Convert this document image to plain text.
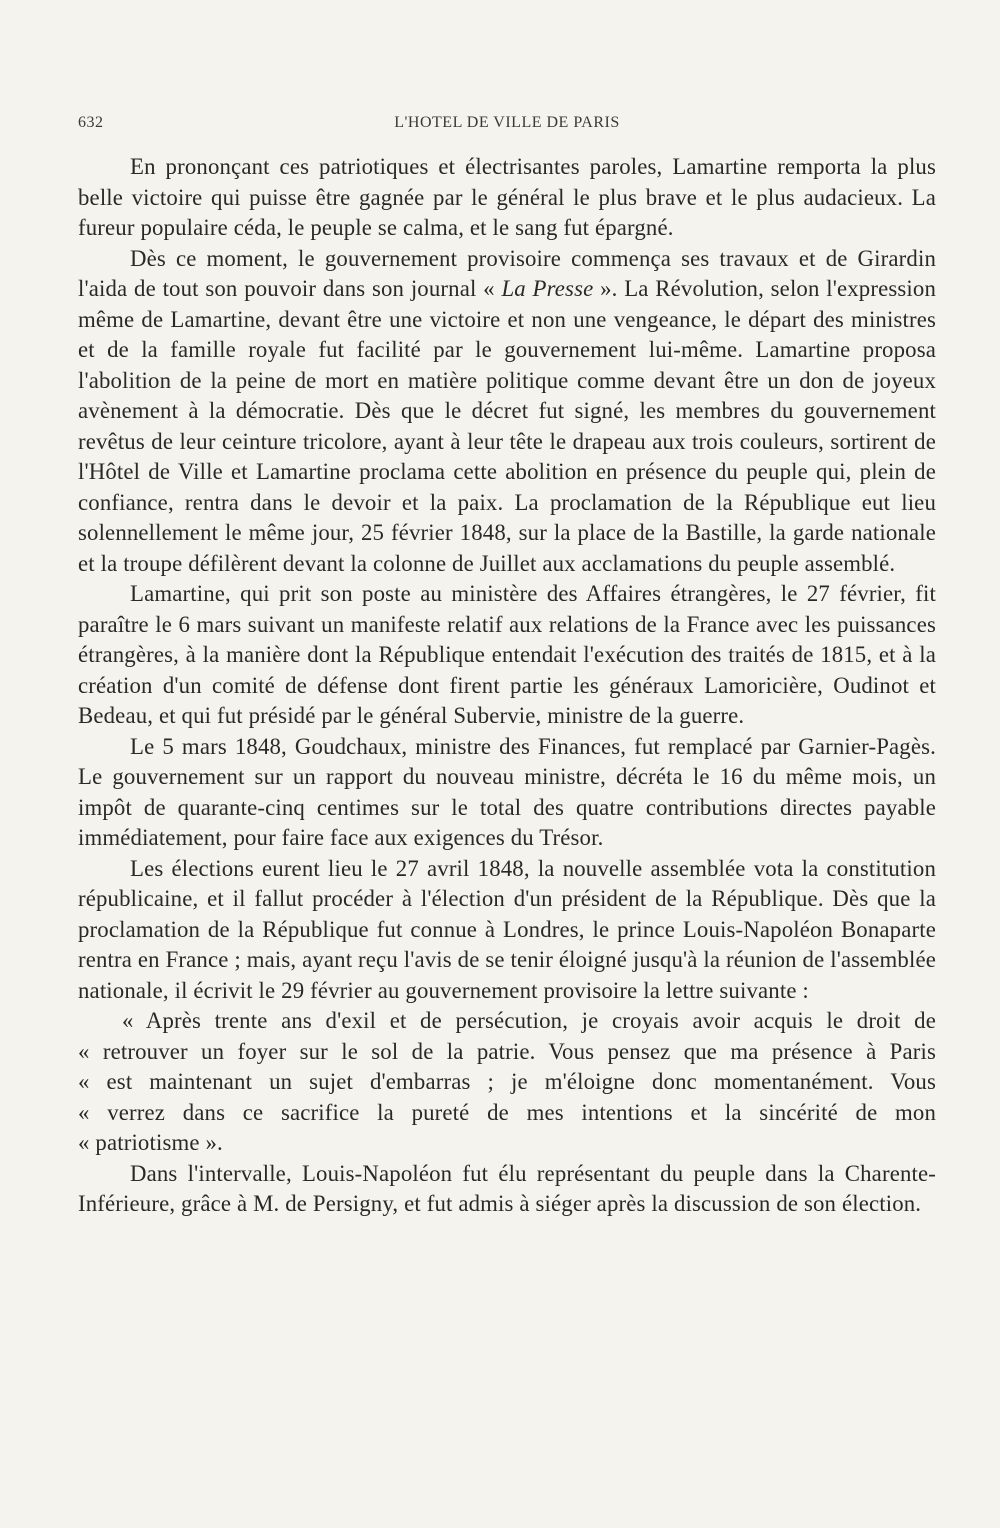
632	L'HOTEL DE VILLE DE PARIS

En prononçant ces patriotiques et électrisantes paroles, Lamartine remporta la plus belle victoire qui puisse être gagnée par le général le plus brave et le plus audacieux. La fureur populaire céda, le peuple se calma, et le sang fut épargné.

Dès ce moment, le gouvernement provisoire commença ses travaux et de Girardin l'aida de tout son pouvoir dans son journal « La Presse ». La Révolution, selon l'expression même de Lamartine, devant être une victoire et non une vengeance, le départ des ministres et de la famille royale fut facilité par le gouvernement lui-même. Lamartine proposa l'abolition de la peine de mort en matière politique comme devant être un don de joyeux avènement à la démocratie. Dès que le décret fut signé, les membres du gouvernement revêtus de leur ceinture tricolore, ayant à leur tête le drapeau aux trois couleurs, sortirent de l'Hôtel de Ville et Lamartine proclama cette abolition en présence du peuple qui, plein de confiance, rentra dans le devoir et la paix. La proclamation de la République eut lieu solennellement le même jour, 25 février 1848, sur la place de la Bastille, la garde nationale et la troupe défilèrent devant la colonne de Juillet aux acclamations du peuple assemblé.

Lamartine, qui prit son poste au ministère des Affaires étrangères, le 27 février, fit paraître le 6 mars suivant un manifeste relatif aux relations de la France avec les puissances étrangères, à la manière dont la République entendait l'exécution des traités de 1815, et à la création d'un comité de défense dont firent partie les généraux Lamoricière, Oudinot et Bedeau, et qui fut présidé par le général Subervie, ministre de la guerre.

Le 5 mars 1848, Goudchaux, ministre des Finances, fut remplacé par Garnier-Pagès. Le gouvernement sur un rapport du nouveau ministre, décréta le 16 du même mois, un impôt de quarante-cinq centimes sur le total des quatre contributions directes payable immédiatement, pour faire face aux exigences du Trésor.

Les élections eurent lieu le 27 avril 1848, la nouvelle assemblée vota la constitution républicaine, et il fallut procéder à l'élection d'un président de la République. Dès que la proclamation de la République fut connue à Londres, le prince Louis-Napoléon Bonaparte rentra en France ; mais, ayant reçu l'avis de se tenir éloigné jusqu'à la réunion de l'assemblée nationale, il écrivit le 29 février au gouvernement provisoire la lettre suivante :

« Après trente ans d'exil et de persécution, je croyais avoir acquis le droit de
« retrouver un foyer sur le sol de la patrie. Vous pensez que ma présence à Paris
« est maintenant un sujet d'embarras ; je m'éloigne donc momentanément. Vous
« verrez dans ce sacrifice la pureté de mes intentions et la sincérité de mon
« patriotisme ».

Dans l'intervalle, Louis-Napoléon fut élu représentant du peuple dans la Charente-Inférieure, grâce à M. de Persigny, et fut admis à siéger après la discussion de son élection.
